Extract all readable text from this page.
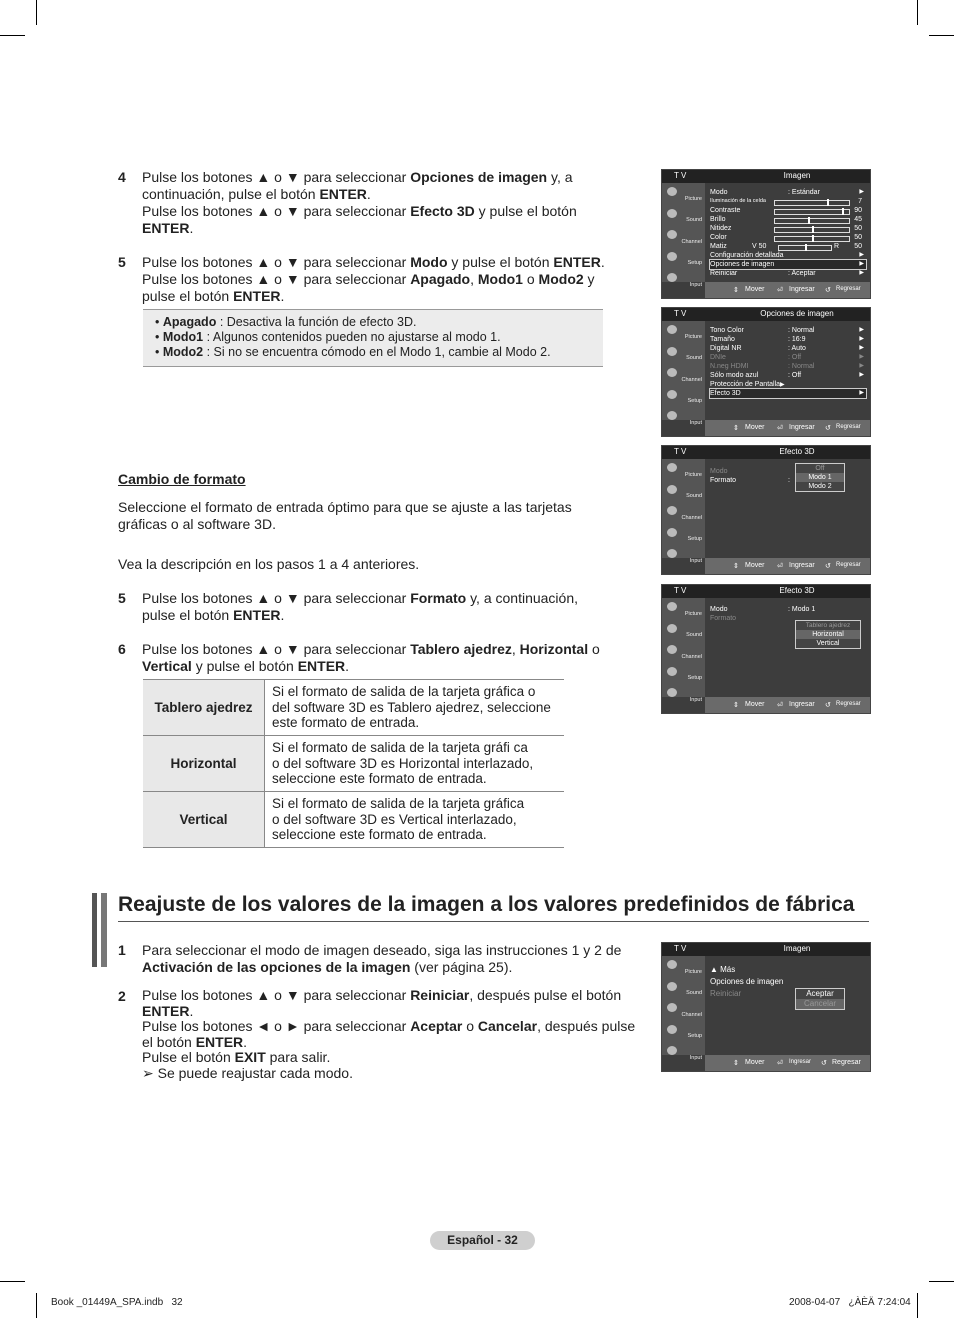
4 Pulse los botones ▲ o ▼ para seleccionar Opciones de imagen y, a
continuación, pulse el botón ENTER.
Pulse los botones ▲ o ▼ para seleccionar Efecto 3D y pulse el botón
ENTER.
5 Pulse los botones ▲ o ▼ para seleccionar Modo y pulse el botón ENTER.
Pulse los botones ▲ o ▼ para seleccionar Apagado, Modo1 o Modo2 y
pulse el botón ENTER.
• Apagado : Desactiva la función de efecto 3D.
• Modo1 : Algunos contenidos pueden no ajustarse al modo 1.
• Modo2 : Si no se encuentra cómodo en el Modo 1, cambie al Modo 2.
Cambio de formato
Seleccione el formato de entrada óptimo para que se ajuste a las tarjetas
gráficas o al software 3D.
Vea la descripción en los pasos 1 a 4 anteriores.
5 Pulse los botones ▲ o ▼ para seleccionar Formato y, a continuación,
pulse el botón ENTER.
6 Pulse los botones ▲ o ▼ para seleccionar Tablero ajedrez, Horizontal o
Vertical y pulse el botón ENTER.
Tablero ajedrez	Si el formato de salida de la tarjeta gráfica o
del software 3D es Tablero ajedrez, seleccione
este formato de entrada.

Horizontal	Si el formato de salida de la tarjeta gráfi ca
o del software 3D es Horizontal interlazado,
seleccione este formato de entrada.

Vertical	Si el formato de salida de la tarjeta gráfica
o del software 3D es Vertical interlazado,
seleccione este formato de entrada.
Reajuste de los valores de la imagen a los valores predefinidos de fábrica
1 Para seleccionar el modo de imagen deseado, siga las instrucciones 1 y 2 de
Activación de las opciones de la imagen (ver página 25).
2 Pulse los botones ▲ o ▼ para seleccionar Reiniciar, después pulse el botón
ENTER.
Pulse los botones ◄ o ► para seleccionar Aceptar o Cancelar, después pulse
el botón ENTER.
Pulse el botón EXIT para salir.
➢ Se puede reajustar cada modo.
T V	Imagen
Picture
Sound
Channel
Setup
Input
Modo	: Estándar	▶
Iluminación de la celda	7
Contraste	90
Brillo	45
Nitidez	50
Color	50
Matiz	V 50	R 50
Configuración detallada	▶
Opciones de imagen	▶
Reiniciar	: Aceptar	▶
⇕ Mover ⏎ Ingresar ↺ Regresar
T V	Opciones de imagen
Picture
Sound
Channel
Setup
Input
Tono Color	: Normal	▶
Tamaño	: 16:9	▶
Digital NR	: Auto	▶
DNIe	: Off	▶
N.neg HDMI	: Normal	▶
Sólo modo azul	: Off	▶
Protección de Pantalla▶
Efecto 3D	▶
⇕ Mover ⏎ Ingresar ↺ Regresar
T V	Efecto 3D
Picture
Sound
Channel
Setup
Input
Modo
Formato	:
Off
Modo 1
Modo 2
⇕ Mover ⏎ Ingresar ↺ Regresar
T V	Efecto 3D
Picture
Sound
Channel
Setup
Input
Modo	: Modo 1
Formato
Tablero ajedrez
Horizontal
Vertical
⇕ Mover ⏎ Ingresar ↺ Regresar
T V	Imagen
Picture
Sound
Channel
Setup
Input
▲ Más
Opciones de imagen
Reiniciar	Aceptar
Cancelar
⇕ Mover ⏎ Ingresar ↺ Regresar
Español - 32
Book _01449A_SPA.indb   32	2008-04-07   ¿ÀÈÄ 7:24:04
